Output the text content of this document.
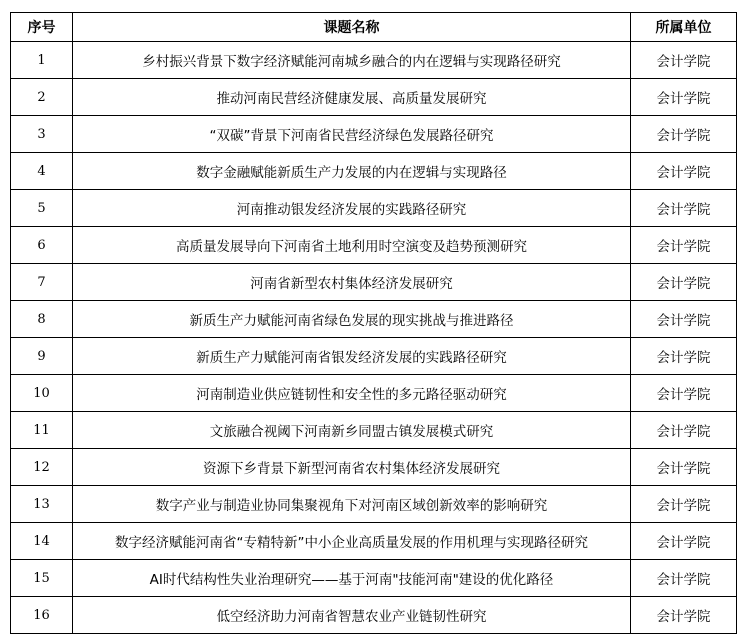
序号	课题名称	所属单位
1	乡村振兴背景下数字经济赋能河南城乡融合的内在逻辑与实现路径研究	会计学院
2	推动河南民营经济健康发展、高质量发展研究	会计学院
3	“双碳”背景下河南省民营经济绿色发展路径研究	会计学院
4	数字金融赋能新质生产力发展的内在逻辑与实现路径	会计学院
5	河南推动银发经济发展的实践路径研究	会计学院
6	高质量发展导向下河南省土地利用时空演变及趋势预测研究	会计学院
7	河南省新型农村集体经济发展研究	会计学院
8	新质生产力赋能河南省绿色发展的现实挑战与推进路径	会计学院
9	新质生产力赋能河南省银发经济发展的实践路径研究	会计学院
10	河南制造业供应链韧性和安全性的多元路径驱动研究	会计学院
11	文旅融合视阈下河南新乡同盟古镇发展模式研究	会计学院
12	资源下乡背景下新型河南省农村集体经济发展研究	会计学院
13	数字产业与制造业协同集聚视角下对河南区域创新效率的影响研究	会计学院
14	数字经济赋能河南省“专精特新”中小企业高质量发展的作用机理与实现路径研究	会计学院
15	AI时代结构性失业治理研究——基于河南"技能河南"建设的优化路径	会计学院
16	低空经济助力河南省智慧农业产业链韧性研究	会计学院
